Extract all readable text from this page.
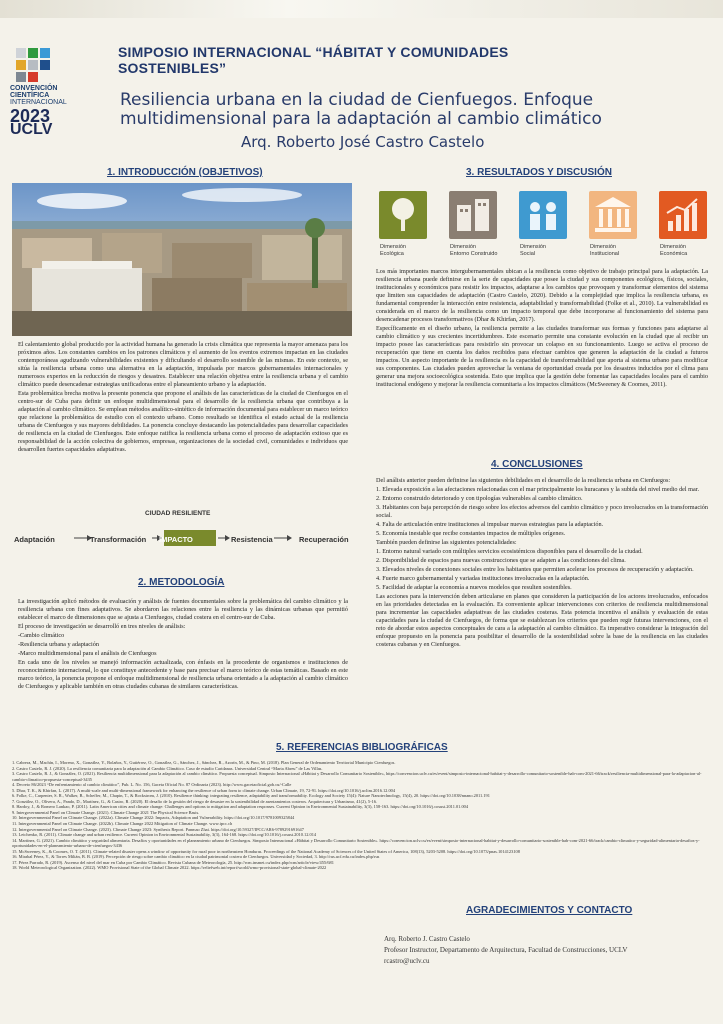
CONVENCIÓN
CIENTÍFICA
INTERNACIONAL
2023
UCLV
SIMPOSIO INTERNACIONAL “HÁBITAT Y COMUNIDADES SOSTENIBLES”
Resiliencia urbana en la ciudad de Cienfuegos. Enfoque
multidimensional para la adaptación al cambio climático
Arq. Roberto José Castro Castelo
1. INTRODUCCIÓN (OBJETIVOS)	3. RESULTADOS Y DISCUSIÓN

El calentamiento global producido por la actividad humana ha generado la crisis climática que representa la mayor amenaza para los próximos años. Los constantes cambios en los patrones climáticos y el aumento de los eventos extremos impactan en las ciudades contemporáneas agudizando vulnerabilidades existentes y dificultando el desarrollo sostenible de las mismas. En este contexto, se sitúa la resiliencia urbana como una alternativa en la adaptación, impulsada por marcos gubernamentales internacionales y numerosos expertos en la reducción de riesgos y desastres. Establecer una relación objetiva entre la resiliencia urbana y el cambio climático puede desencadenar estrategias unificadoras entre el planeamiento urbano y la adaptación.

Esta problemática brecha motiva la presente ponencia que propone el análisis de las características de la ciudad de Cienfuegos en el centro-sur de Cuba para definir un enfoque multidimensional para el desarrollo de la resiliencia urbana que contribuya a la adaptación al cambio climático. Se emplean métodos analítico-sintético de información documental para establecer un marco teórico que relacione la problemática de estudio con el contexto urbano. Como resultado se identifica el estado actual de la resiliencia urbana de Cienfuegos y sus mayores debilidades. La ponencia concluye destacando las potencialidades para desarrollar capacidades de resiliencia en la ciudad de Cienfuegos. Este enfoque ratifica la resiliencia urbana como el proceso de adaptación exitoso que es responsabilidad de la acción colectiva de gobiernos, empresas, organizaciones de la sociedad civil, comunidades e individuos que desarrollen fuertes capacidades adaptativas.

CIUDAD RESILIENTE
Adaptación	Transformación IMPACTO	Resistencia	Recuperación
2. METODOLOGÍA

La investigación aplicó métodos de evaluación y análisis de fuentes documentales sobre la problemática del cambio climático y la resiliencia urbana con fines adaptativos. Se abordaron las relaciones entre la resiliencia y las dinámicas urbanas que permitió establecer el marco de dimensiones que se ajusta a Cienfuegos, ciudad costera en el centro-sur de Cuba.

El proceso de investigación se desarrolló en tres niveles de análisis:

-Cambio climático

-Resiliencia urbana y adaptación

-Marco multidimensional para el análisis de Cienfuegos

En cada uno de los niveles se manejó información actualizada, con énfasis en la procedente de organismos e instituciones de reconocimiento internacional, lo que constituye antecedente y base para precisar el marco teórico de estas temáticas. Basado en este marco teórico, la ponencia propone el enfoque multidimensional de resiliencia urbana orientado a la adaptación al cambio climático de Cienfuegos y aplicable también en otras ciudades cubanas de similares características.

Dimensión
Ecológica
Dimensión
Entorno Construido
Dimensión
Social
Dimensión
Institucional
Dimensión
Económica

Los más importantes marcos intergubernamentales ubican a la resiliencia como objetivo de trabajo principal para la adaptación. La resiliencia urbana puede definirse en la serie de capacidades que posee la ciudad y sus componentes ecológicos, físicos, sociales, institucionales y económicos para resistir los impactos, adaptarse a los cambios que provoquen y transformar elementos del sistema que limiten sus capacidades de adaptación (Castro Castelo, 2020). Debido a la complejidad que implica la resiliencia urbana, es fundamental comprender la interacción entre resistencia, adaptabilidad y transformabilidad (Folke et al., 2010). La vulnerabilidad es considerada en el marco de la resiliencia como un impacto temporal que debe incorporarse al funcionamiento del sistema para desencadenar procesos transformativos (Dhar & Khirfan, 2017).

Específicamente en el diseño urbano, la resiliencia permite a las ciudades transformar sus formas y funciones para adaptarse al cambio climático y sus crecientes incertidumbres. Este escenario permite una constante evolución en la ciudad que al recibir un impacto posee las características para resistirlo sin provocar un colapso en su funcionamiento. Luego se activa el proceso de recuperación que tiene en cuenta los daños recibidos para efectuar cambios que generen la adaptación de la ciudad a futuros impactos. Un aspecto importante de la resiliencia es la capacidad de transformabilidad que aporta al sistema urbano para modificar sus componentes. Las ciudades pueden aprovechar la ventana de oportunidad creada por los desastres inducidos por el clima para generar una mejora socioecológica sostenida. Esto que implica que la gestión debe fomentar las capacidades locales para el cambio institucional endógeno y mejorar la resiliencia comunitaria a los impactos climáticos (McSweeney & Coomes, 2011).

4. CONCLUSIONES

Del análisis anterior pueden definirse las siguientes debilidades en el desarrollo de la resiliencia urbana en Cienfuegos:

1. Elevada exposición a las afectaciones relacionadas con el mar principalmente los huracanes y la subida del nivel medio del mar.

2. Entorno construido deteriorado y con tipologías vulnerables al cambio climático.

3. Habitantes con baja percepción de riesgo sobre los efectos adversos del cambio climático y poco involucrados en la transformación social.

4. Falta de articulación entre instituciones al impulsar nuevas estrategias para la adaptación.

5. Economía inestable que recibe constantes impactos de múltiples orígenes.

También pueden definirse las siguientes potencialidades:

1. Entorno natural variado con múltiples servicios ecosistémicos disponibles para el desarrollo de la ciudad.

2. Disponibilidad de espacios para nuevas construcciones que se adapten a las condiciones del clima.

3. Elevados niveles de conexiones sociales entre los habitantes que permiten acelerar los procesos de recuperación y adaptación.

4. Fuerte marco gubernamental y variadas instituciones involucradas en la adaptación.

5. Facilidad de adaptar la economía a nuevos modelos que resulten sostenibles.

Las acciones para la intervención deben articularse en planes que consideren la participación de los actores involucrados, enfocados en las prioridades detectadas en la evaluación. Es conveniente aplicar intervenciones con criterios de resiliencia multidimensional para incrementar las capacidades adaptativas de las ciudades costeras. Esta potencia incentiva el análisis y evaluación de estas capacidades para la ciudad de Cienfuegos, de forma que se establezcan los criterios que pueden regir futuras intervenciones, con el reto de abordar estos aspectos conceptuales de cara a la adaptación al cambio climático. Es imperativo considerar la integración del enfoque propuesto en la ponencia para posibilitar el desarrollo de la sostenibilidad sobre la base de la resiliencia en las ciudades costeras cubanas y en Cienfuegos.

5. REFERENCIAS BIBLIOGRÁFICAS
1. Cabrera, M., Machín, I., Moreno, X., González, Y., Bolaños, Y., Gutiérrez, O., González, G., Sánchez, J., Sánchez, R., Azorín, M., & Pino, M. (2018). Plan General de Ordenamiento Territorial Municipio Cienfuegos.
2. Castro Castelo, R. J. (2020). La resiliencia comunitaria para la adaptación al Cambio Climático. Caso de estudio Caridanas. Universidad Central “Marta Abreu” de Las Villas.
3. Castro Castelo, R. J., & González, O. (2021). Resiliencia multidimensional para la adaptación al cambio climático. Propuesta conceptual. Simposio Internacional «Hábitat y Desarrollo Comunitario Sostenible», https://convencion.uclv.cu/es/event/simposio-internacional-habitat-y-desarrollo-comunitario-sostenible-hab-com-2021-66/track/resiliencia-multidimensional-para-la-adaptacion-al-cambio-climatico-propuesta-conceptual-3435
4. Decreto 86/2023 “De enfrentamiento al cambio climático”, Pub. L. No. 156, Gaceta Oficial No. 87 Ordinaria (2023). http://www.gacetaoficial.gob.cu/-Calle
5. Dhar, T. K., & Khirfan, L. (2017). A multi-scale and multi-dimensional framework for enhancing the resilience of urban form to climate change. Urban Climate, 19, 72-91. https://doi.org/10.1016/j.uclim.2016.12.004
6. Folke, C., Carpenter, S. R., Walker, B., Scheffer, M., Chapin, T., & Rockstrom, J. (2010). Resilience thinking: integrating resilience, adaptability and transformability. Ecology and Society 15(4): Nature Nanotechnology, 15(4), 20. https://doi.org/10.1038/nnano.2011.191
7. González, O., Olivera, A., Pando, D., Martínez, G., & Castro, R. (2020). El desafío de la gestión del riesgo de desastre en la sostenibilidad de asentamientos costeros. Arquitectura y Urbanismo, 41(2), 5-16.
8. Hardoy, J., & Romero Lankao, P. (2011). Latin American cities and climate change: Challenges and options to mitigation and adaptation responses. Current Opinion in Environmental Sustainability, 3(3), 158-163. https://doi.org/10.1016/j.cosust.2011.01.004
9. Intergovernmental Panel on Climate Change. (2021). Climate Change 2021 The Physical Science Basis.
10. Intergovernmental Panel on Climate Change. (2022a). Climate Change 2022: Impacts, Adaptation and Vulnerability. https://doi.org/10.1017/9781009325844
11. Intergovernmental Panel on Climate Change. (2022b). Climate Change 2022 Mitigation of Climate Change. www.ipcc.ch
12. Intergovernmental Panel on Climate Change. (2023). Climate Change 2023: Synthesis Report. Panmao Zhai. https://doi.org/10.59327/IPCC/AR6-9789291691647
13. Leichenko, R. (2011). Climate change and urban resilience. Current Opinion in Environmental Sustainability, 3(3), 164-168. https://doi.org/10.1016/j.cosust.2010.12.014
14. Martínez, G. (2021). Cambio climático y seguridad alimentaria. Desafíos y oportunidades en el planeamiento urbano de Cienfuegos. Simposio Internacional «Hábitat y Desarrollo Comunitario Sostenible». https://convencion.uclv.cu/es/event/simposio-internacional-habitat-y-desarrollo-comunitario-sostenible-hab-com-2021-66/track/cambio-climatico-y-seguridad-alimentaria-desafios-y-oportunidades-en-el-planeamiento-urbano-de-cienfuegos-3436
15. McSweeney, K., & Coomes, O. T. (2011). Climate-related disaster opens a window of opportunity for rural poor in northeastern Honduras. Proceedings of the National Academy of Sciences of the United States of America, 108(13), 5203-5208. https://doi.org/10.1073/pnas.1014123108
16. Mirabal Pérez, Y., & Torres Milián, B. B. (2019). Percepción de riesgo sobre cambio climático en la ciudad patrimonial costera de Cienfuegos. Universidad y Sociedad, 3. http://rus.ucf.edu.cu/index.php/rus
17. Pérez Parrado, R. (2019). Ascenso del nivel del mar en Cuba por Cambio Climático. Revista Cubana de Meteorología, 25. http://rcm.insmet.cu/index.php/rcm/article/view/455/681
18. World Meteorological Organization. (2022). WMO Provisional State of the Global Climate 2022. https://reliefweb.int/report/world/wmo-provisional-state-global-climate-2022
AGRADECIMIENTOS Y CONTACTO
Arq. Roberto J. Castro Castelo
Profesor Instructor, Departamento de Arquitectura, Facultad de Construcciones, UCLV
rcastro@uclv.cu
